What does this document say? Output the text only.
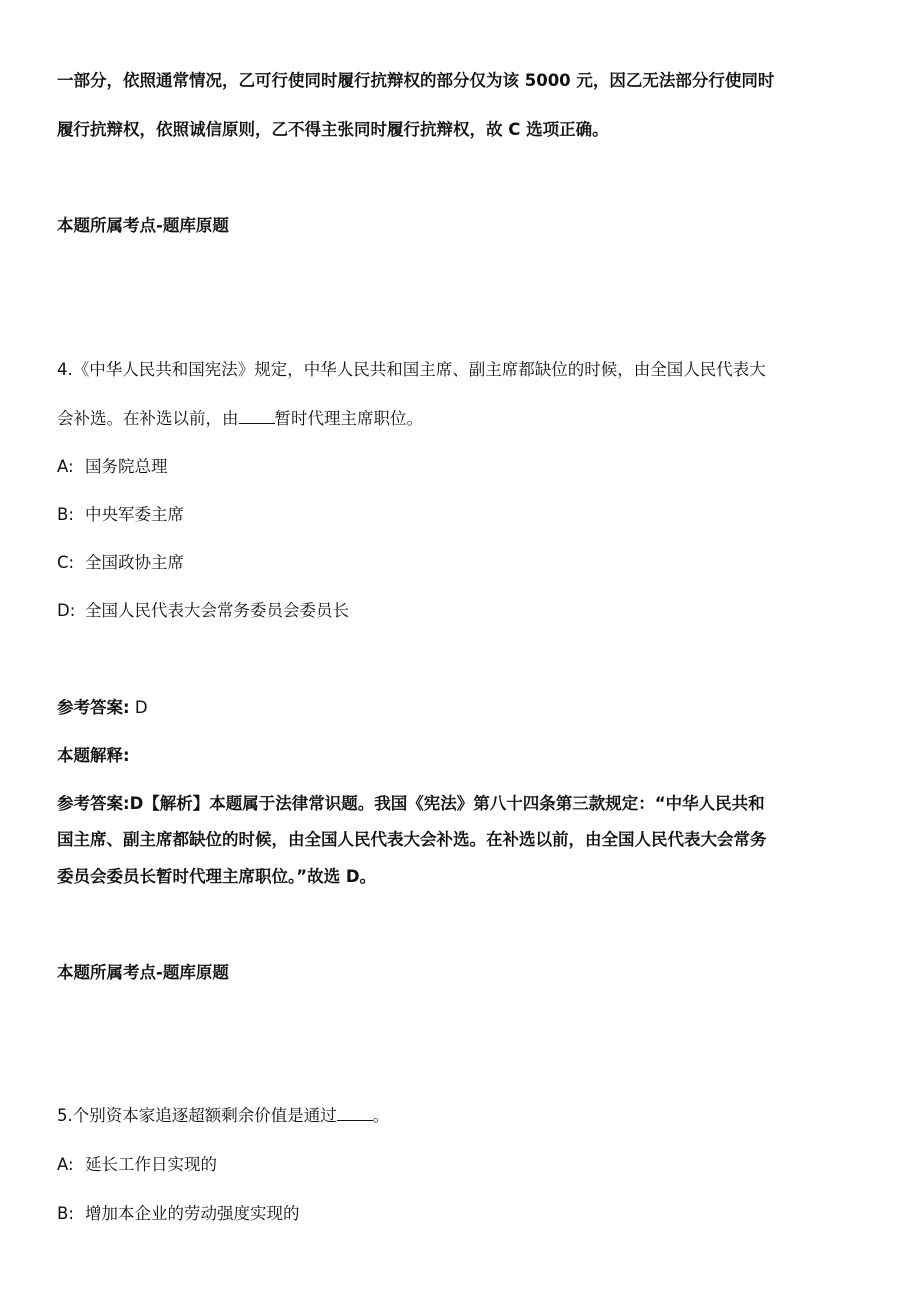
一部分，依照通常情况，乙可行使同时履行抗辩权的部分仅为该 5000 元，因乙无法部分行使同时
履行抗辩权，依照诚信原则，乙不得主张同时履行抗辩权，故 C 选项正确。
本题所属考点-题库原题
4.《中华人民共和国宪法》规定，中华人民共和国主席、副主席都缺位的时候，由全国人民代表大
会补选。在补选以前，由 暂时代理主席职位。
A: 国务院总理
B: 中央军委主席
C: 全国政协主席
D: 全国人民代表大会常务委员会委员长
参考答案: D
本题解释:
参考答案:D【解析】本题属于法律常识题。我国《宪法》第八十四条第三款规定：“中华人民共和
国主席、副主席都缺位的时候，由全国人民代表大会补选。在补选以前，由全国人民代表大会常务
委员会委员长暂时代理主席职位。”故选 D。
本题所属考点-题库原题
5.个别资本家追逐超额剩余价值是通过 。
A: 延长工作日实现的
B: 增加本企业的劳动强度实现的
